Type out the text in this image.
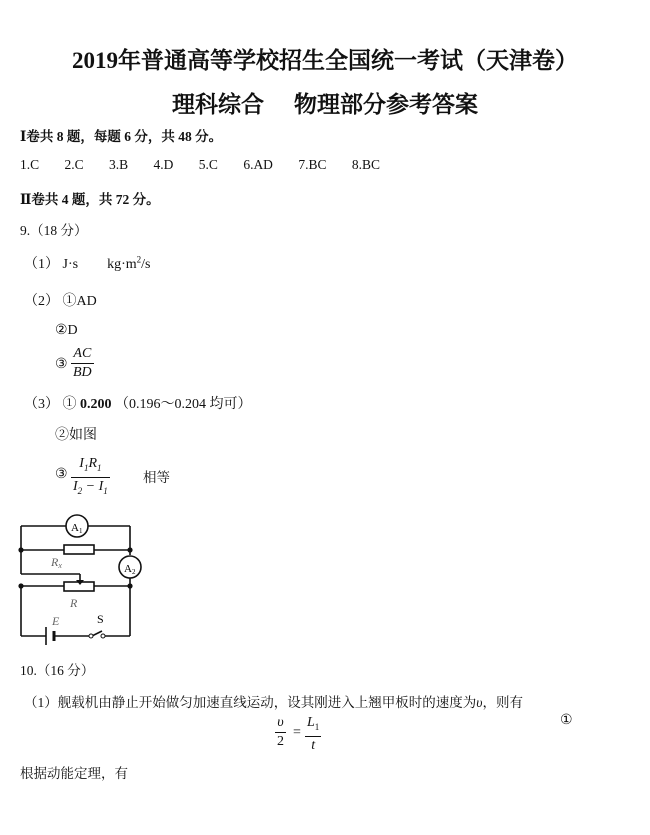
2019年普通高等学校招生全国统一考试（天津卷）
理科综合 物理部分参考答案
Ⅰ卷共 8 题，每题 6 分，共 48 分。
1.C 2.C 3.B 4.D 5.C 6.AD 7.BC 8.BC
Ⅱ卷共 4 题，共 72 分。
9.（18 分）
（1） J·s $kg\cdot m^2/s$
（2） ①AD
②D
③ $\frac{AC}{BD}$
（3） ① 0.200 （0.196～0.204 均可）
②如图
③ $\frac{I_1R_1}{I_2 - I_1}$ 相等
A1
A2
Rx
R
E	S
10.（16 分）
（1）舰载机由静止开始做匀加速直线运动，设其刚进入上翘甲板时的速度为υ，则有
$\frac{\upsilon}{2} = \frac{L_1}{t}$	①
根据动能定理，有
